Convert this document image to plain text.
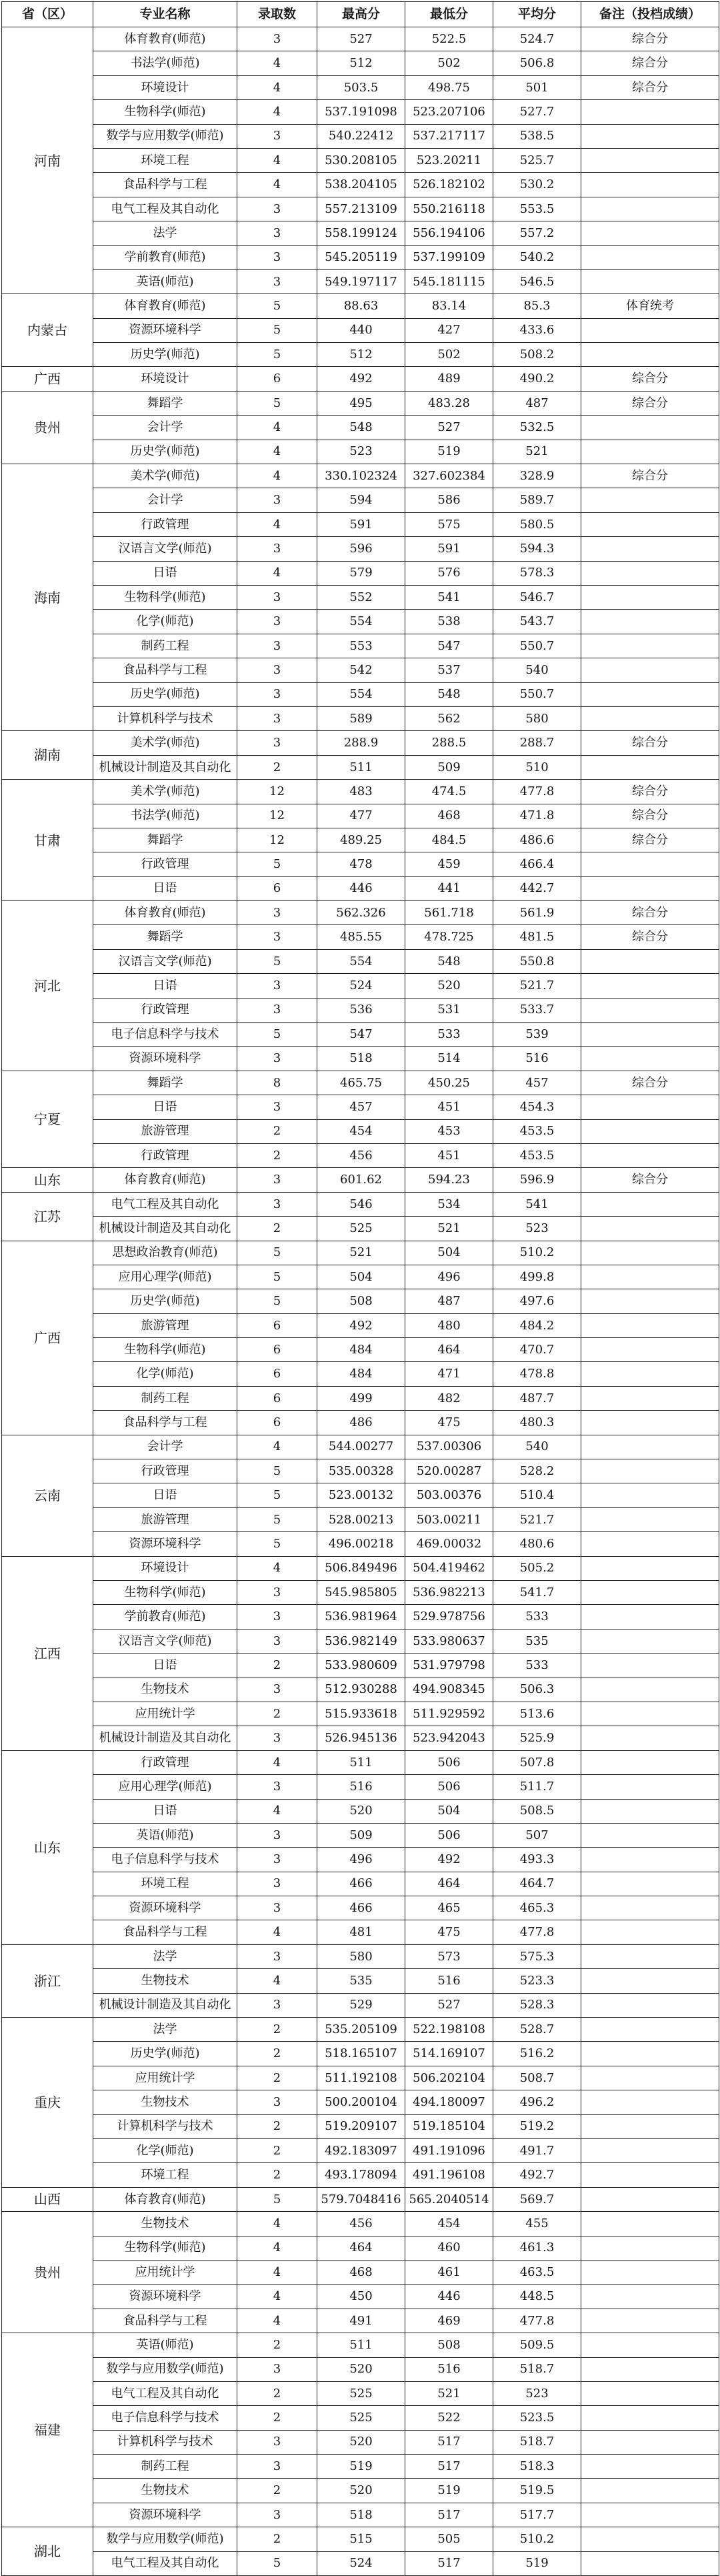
省（区）	专业名称	录取数	最高分	最低分	平均分	备注（投档成绩）
河南	体育教育(师范)	3	527	522.5	524.7	综合分
	书法学(师范)	4	512	502	506.8	综合分
	环境设计	4	503.5	498.75	501	综合分
	生物科学(师范)	4	537.191098	523.207106	527.7	
	数学与应用数学(师范)	3	540.22412	537.217117	538.5	
	环境工程	4	530.208105	523.20211	525.7	
	食品科学与工程	4	538.204105	526.182102	530.2	
	电气工程及其自动化	3	557.213109	550.216118	553.5	
	法学	3	558.199124	556.194106	557.2	
	学前教育(师范)	3	545.205119	537.199109	540.2	
	英语(师范)	3	549.197117	545.181115	546.5	
内蒙古	体育教育(师范)	5	88.63	83.14	85.3	体育统考
	资源环境科学	5	440	427	433.6	
	历史学(师范)	5	512	502	508.2	
广西	环境设计	6	492	489	490.2	综合分
贵州	舞蹈学	5	495	483.28	487	综合分
	会计学	4	548	527	532.5	
	历史学(师范)	4	523	519	521	
海南	美术学(师范)	4	330.102324	327.602384	328.9	综合分
	会计学	3	594	586	589.7	
	行政管理	4	591	575	580.5	
	汉语言文学(师范)	3	596	591	594.3	
	日语	4	579	576	578.3	
	生物科学(师范)	3	552	541	546.7	
	化学(师范)	3	554	538	543.7	
	制药工程	3	553	547	550.7	
	食品科学与工程	3	542	537	540	
	历史学(师范)	3	554	548	550.7	
	计算机科学与技术	3	589	562	580	
湖南	美术学(师范)	3	288.9	288.5	288.7	综合分
	机械设计制造及其自动化	2	511	509	510	
甘肃	美术学(师范)	12	483	474.5	477.8	综合分
	书法学(师范)	12	477	468	471.8	综合分
	舞蹈学	12	489.25	484.5	486.6	综合分
	行政管理	5	478	459	466.4	
	日语	6	446	441	442.7	
河北	体育教育(师范)	3	562.326	561.718	561.9	综合分
	舞蹈学	3	485.55	478.725	481.5	综合分
	汉语言文学(师范)	5	554	548	550.8	
	日语	3	524	520	521.7	
	行政管理	3	536	531	533.7	
	电子信息科学与技术	5	547	533	539	
	资源环境科学	3	518	514	516	
宁夏	舞蹈学	8	465.75	450.25	457	综合分
	日语	3	457	451	454.3	
	旅游管理	2	454	453	453.5	
	行政管理	2	456	451	453.5	
山东	体育教育(师范)	3	601.62	594.23	596.9	综合分
江苏	电气工程及其自动化	3	546	534	541	
	机械设计制造及其自动化	2	525	521	523	
广西	思想政治教育(师范)	5	521	504	510.2	
	应用心理学(师范)	5	504	496	499.8	
	历史学(师范)	5	508	487	497.6	
	旅游管理	6	492	480	484.2	
	生物科学(师范)	6	484	464	470.7	
	化学(师范)	6	484	471	478.8	
	制药工程	6	499	482	487.7	
	食品科学与工程	6	486	475	480.3	
云南	会计学	4	544.00277	537.00306	540	
	行政管理	5	535.00328	520.00287	528.2	
	日语	5	523.00132	503.00376	510.4	
	旅游管理	5	528.00213	503.00211	521.7	
	资源环境科学	5	496.00218	469.00032	480.6	
江西	环境设计	4	506.849496	504.419462	505.2	
	生物科学(师范)	3	545.985805	536.982213	541.7	
	学前教育(师范)	3	536.981964	529.978756	533	
	汉语言文学(师范)	3	536.982149	533.980637	535	
	日语	2	533.980609	531.979798	533	
	生物技术	3	512.930288	494.908345	506.3	
	应用统计学	2	515.933618	511.929592	513.6	
	机械设计制造及其自动化	3	526.945136	523.942043	525.9	
山东	行政管理	4	511	506	507.8	
	应用心理学(师范)	3	516	506	511.7	
	日语	4	520	504	508.5	
	英语(师范)	3	509	506	507	
	电子信息科学与技术	3	496	492	493.3	
	环境工程	3	466	464	464.7	
	资源环境科学	3	466	465	465.3	
	食品科学与工程	4	481	475	477.8	
浙江	法学	3	580	573	575.3	
	生物技术	4	535	516	523.3	
	机械设计制造及其自动化	3	529	527	528.3	
重庆	法学	2	535.205109	522.198108	528.7	
	历史学(师范)	2	518.165107	514.169107	516.2	
	应用统计学	2	511.192108	506.202104	508.7	
	生物技术	3	500.200104	494.180097	496.2	
	计算机科学与技术	2	519.209107	519.185104	519.2	
	化学(师范)	2	492.183097	491.191096	491.7	
	环境工程	2	493.178094	491.196108	492.7	
山西	体育教育(师范)	5	579.7048416	565.2040514	569.7	
贵州	生物技术	4	456	454	455	
	生物科学(师范)	4	464	460	461.3	
	应用统计学	4	468	461	463.5	
	资源环境科学	4	450	446	448.5	
	食品科学与工程	4	491	469	477.8	
福建	英语(师范)	2	511	508	509.5	
	数学与应用数学(师范)	3	520	516	518.7	
	电气工程及其自动化	2	525	521	523	
	电子信息科学与技术	2	525	522	523.5	
	计算机科学与技术	3	520	517	518.7	
	制药工程	3	519	517	518.3	
	生物技术	2	520	519	519.5	
	资源环境科学	3	518	517	517.7	
湖北	数学与应用数学(师范)	2	515	505	510.2	
	电气工程及其自动化	5	524	517	519	
